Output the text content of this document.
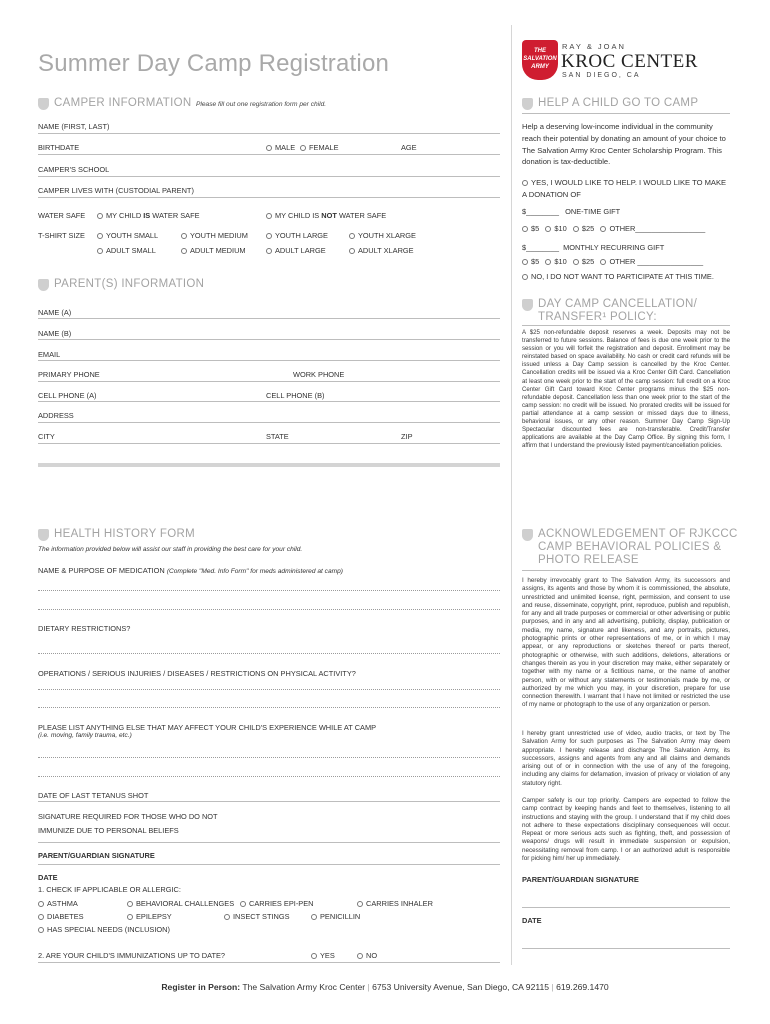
Summer Day Camp Registration	THE
SALVATION
ARMY
RAY & JOAN
KROC CENTER
SAN DIEGO, CA
CAMPER INFORMATION Please fill out one registration form per child.
NAME (FIRST, LAST)
BIRTHDATE	MALE	FEMALE	AGE
CAMPER'S SCHOOL
CAMPER LIVES WITH (CUSTODIAL PARENT)
WATER SAFE	MY CHILD IS WATER SAFE	MY CHILD IS NOT WATER SAFE
T-SHIRT SIZE	YOUTH SMALL	YOUTH MEDIUM	YOUTH LARGE	YOUTH XLARGE
ADULT SMALL	ADULT MEDIUM	ADULT LARGE	ADULT XLARGE
PARENT(S) INFORMATION
NAME (A)
NAME (B)
EMAIL
PRIMARY PHONE	WORK PHONE
CELL PHONE (A)	CELL PHONE (B)
ADDRESS
CITY	STATE	ZIP
HEALTH HISTORY FORM
The information provided below will assist our staff in providing the best care for your child.
NAME & PURPOSE OF MEDICATION (Complete "Med. Info Form" for meds administered at camp)
DIETARY RESTRICTIONS?
OPERATIONS / SERIOUS INJURIES / DISEASES / RESTRICTIONS ON PHYSICAL ACTIVITY?
PLEASE LIST ANYTHING ELSE THAT MAY AFFECT YOUR CHILD'S EXPERIENCE WHILE AT CAMP
(i.e. moving, family trauma, etc.)
DATE OF LAST TETANUS SHOT
SIGNATURE REQUIRED FOR THOSE WHO DO NOT
IMMUNIZE DUE TO PERSONAL BELIEFS
PARENT/GUARDIAN SIGNATURE
DATE
1. CHECK IF APPLICABLE OR ALLERGIC:
ASTHMA	BEHAVIORAL CHALLENGES	CARRIES EPI-PEN	CARRIES INHALER
DIABETES	EPILEPSY	INSECT STINGS	PENICILLIN
HAS SPECIAL NEEDS (INCLUSION)
2. ARE YOUR CHILD'S IMMUNIZATIONS UP TO DATE?	YES	NO
HELP A CHILD GO TO CAMP
Help a deserving low-income individual in the community reach their potential by donating an amount of your choice to The Salvation Army Kroc Center Scholarship Program. This donation is tax-deductible.
YES, I WOULD LIKE TO HELP. I WOULD LIKE TO MAKE
A DONATION OF
$________ ONE-TIME GIFT
$5 $10 $25 OTHER_________________
$________ MONTHLY RECURRING GIFT
$5 $10 $25 OTHER ________________
NO, I DO NOT WANT TO PARTICIPATE AT THIS TIME.
DAY CAMP CANCELLATION/
TRANSFER¹ POLICY:
A $25 non-refundable deposit reserves a week. Deposits may not be transferred to future sessions. Balance of fees is due one week prior to the session or you will forfeit the registration and deposit. Enrollment may be reinstated based on space availability. No cash or credit card refunds will be issued unless a Day Camp session is cancelled by the Kroc Center. Cancellation credits will be issued via a Kroc Center Gift Card. Cancellation at least one week prior to the start of the camp session: full credit on a Kroc Center Gift Card toward Kroc Center programs minus the $25 non-refundable deposit. Cancellation less than one week prior to the start of the camp session: no credit will be issued. No prorated credits will be issued for partial attendance at a camp session or missed days due to illness, behavioral issues, or any other reason. Summer Day Camp Sign-Up Spectacular discounted fees are non-transferable. Credit/Transfer applications are available at the Day Camp Office. By signing this form, I affirm that I understand the previously listed payment/cancellation policies.
ACKNOWLEDGEMENT OF RJKCCC
CAMP BEHAVIORAL POLICIES &
PHOTO RELEASE
I hereby irrevocably grant to The Salvation Army, its successors and assigns, its agents and those by whom it is commissioned, the absolute, unrestricted and unlimited license, right, permission, and consent to use and reuse, disseminate, copyright, print, reproduce, publish and republish, for any and all trade purposes or commercial or other advertising or public purposes, and in any and all advertising, publicity, display, publication or media, my name, signature and likeness, and any portraits, pictures, photographic prints or other representations of me, or in which I may appear, or any reproductions or sketches thereof or parts thereof, photographic or otherwise, with such additions, deletions, alterations or changes therein as you in your discretion may make, either separately or together with my name or a fictitious name, or the name of another person, with or without any statements or testimonials made by me, or authorized by me which you may, in your discretion, prepare for use connection therewith. I warrant that I have not limited or restricted the use of my name or photograph to the use of any organization or person.
I hereby grant unrestricted use of video, audio tracks, or text by The Salvation Army for such purposes as The Salvation Army may deem appropriate. I hereby release and discharge The Salvation Army, its successors, assigns and agents from any and all claims and demands arising out of or in connection with the use of any of the foregoing, including any claims for defamation, invasion of privacy or violation of any statutory right.
Camper safety is our top priority. Campers are expected to follow the camp contract by keeping hands and feet to themselves, listening to all instructions and staying with the group. I understand that if my child does not adhere to these expectations disciplinary consequences will occur. Repeat or more serious acts such as fighting, theft, and possession of weapons/ drugs will result in immediate suspension or expulsion, necessitating removal from camp. I or an authorized adult is responsible for picking him/ her up immediately.
PARENT/GUARDIAN SIGNATURE
DATE
Register in Person: The Salvation Army Kroc Center | 6753 University Avenue, San Diego, CA 92115 | 619.269.1470
